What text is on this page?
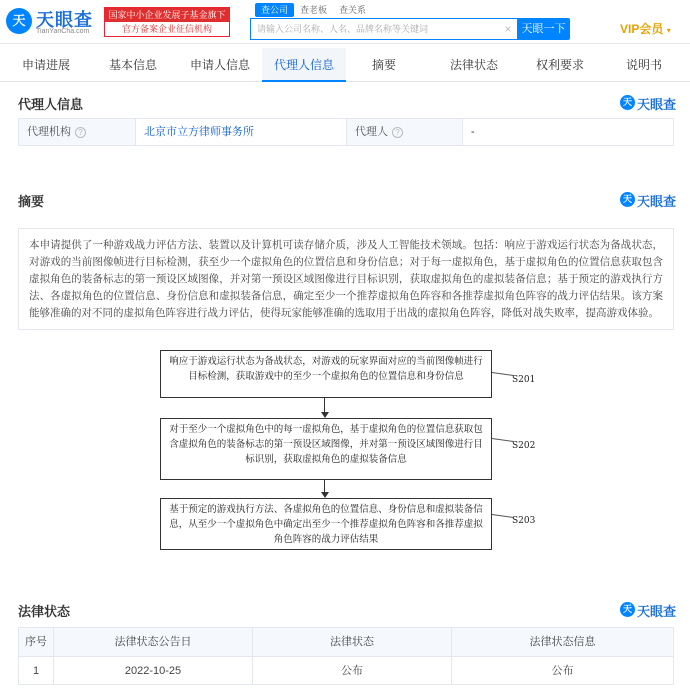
天 天眼查
TianYanCha.com
国家中小企业发展子基金旗下
官方备案企业征信机构
查公司	查老板	查关系
请输入公司名称、人名、品牌名称等关键词	× 天眼一下	VIP会员 ▾
申请进展	基本信息	申请人信息	代理人信息	摘要	法律状态	权利要求	说明书
代理人信息	天 天眼查
代理机构 ?	北京市立方律师事务所	代理人 ?	-
摘要	天 天眼查
本申请提供了一种游戏战力评估方法、装置以及计算机可读存储介质，涉及人工智能技术领域。包括：响应于游戏运行状态为备战状态，对游戏的当前图像帧进行目标检测，获至少一个虚拟角色的位置信息和身份信息；对于每一虚拟角色，基于虚拟角色的位置信息获取包含虚拟角色的装备标志的第一预设区域图像，并对第一预设区域图像进行目标识别，获取虚拟角色的虚拟装备信息；基于预定的游戏执行方法、各虚拟角色的位置信息、身份信息和虚拟装备信息，确定至少一个推荐虚拟角色阵容和各推荐虚拟角色阵容的战力评估结果。该方案能够准确的对不同的虚拟角色阵容进行战力评估，使得玩家能够准确的选取用于出战的虚拟角色阵容，降低对战失败率，提高游戏体验。
响应于游戏运行状态为备战状态，对游戏的玩家界面对应的当前图像帧进行目标检测，获取游戏中的至少一个虚拟角色的位置信息和身份信息	S201
对于至少一个虚拟角色中的每一虚拟角色，基于虚拟角色的位置信息获取包含虚拟角色的装备标志的第一预设区域图像，并对第一预设区域图像进行目标识别，获取虚拟角色的虚拟装备信息
S202
基于预定的游戏执行方法、各虚拟角色的位置信息、身份信息和虚拟装备信息，从至少一个虚拟角色中确定出至少一个推荐虚拟角色阵容和各推荐虚拟角色阵容的战力评估结果
S203
法律状态	天 天眼查
序号	法律状态公告日	法律状态	法律状态信息
1	2022-10-25	公布	公布
